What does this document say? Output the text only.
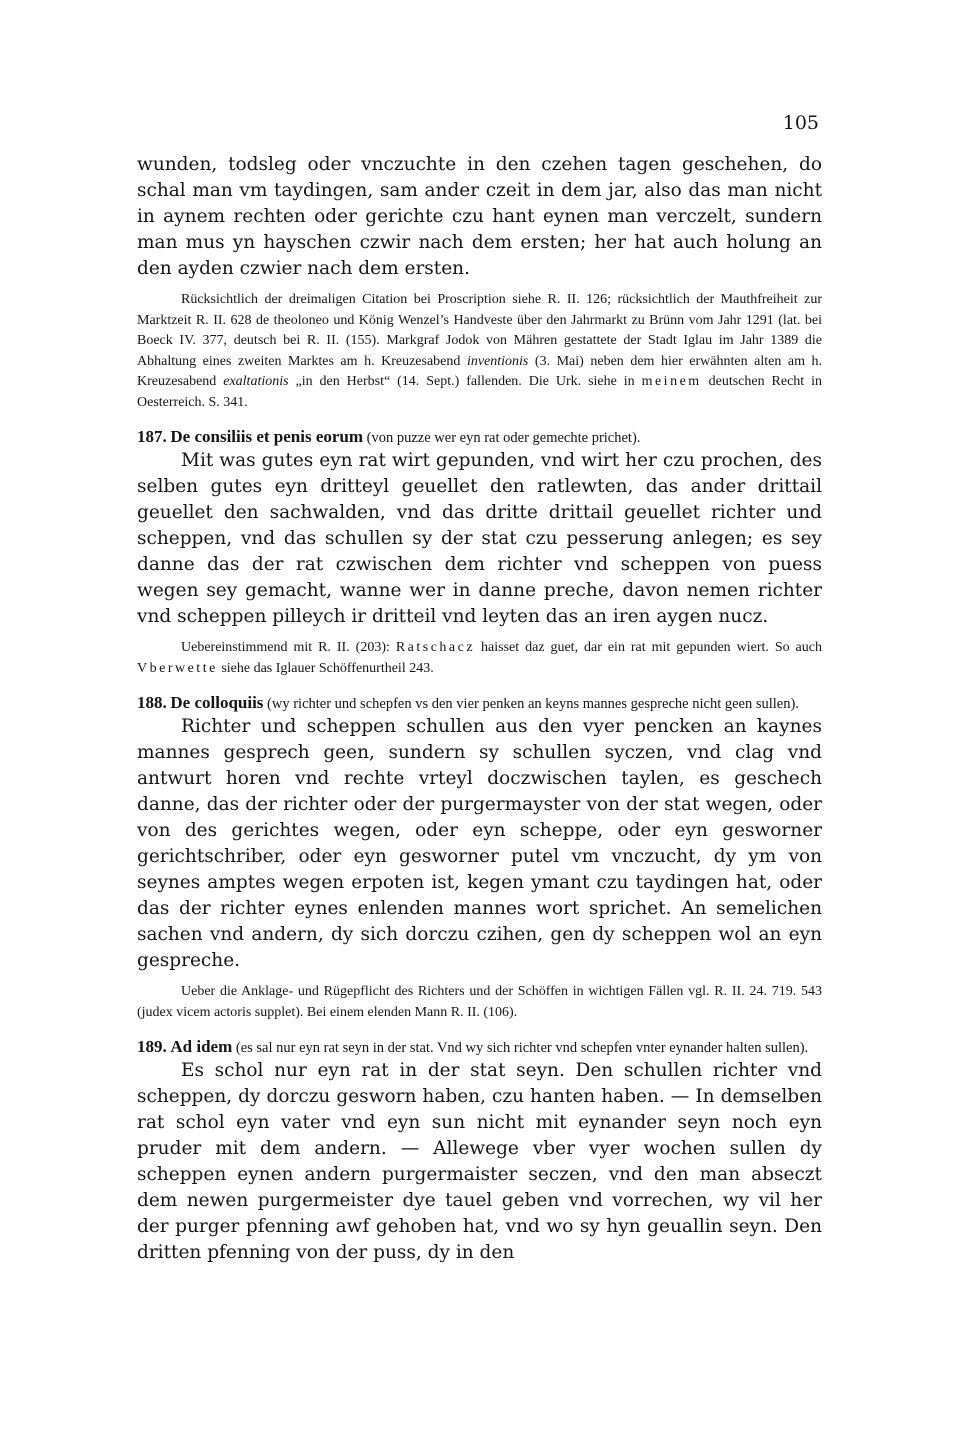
105

wunden, todsleg oder vnczuchte in den czehen tagen geschehen, do schal man vm taydingen, sam ander czeit in dem jar, also das man nicht in aynem rechten oder gerichte czu hant eynen man verczelt, sundern man mus yn hayschen czwir nach dem ersten; her hat auch holung an den ayden czwier nach dem ersten.

Rücksichtlich der dreimaligen Citation bei Proscription siehe R. II. 126; rücksichtlich der Mauthfreiheit zur Marktzeit R. II. 628 de theoloneo und König Wenzel’s Handveste über den Jahrmarkt zu Brünn vom Jahr 1291 (lat. bei Boeck IV. 377, deutsch bei R. II. (155). Markgraf Jodok von Mähren gestattete der Stadt Iglau im Jahr 1389 die Abhaltung eines zweiten Marktes am h. Kreuzesabend inventionis (3. Mai) neben dem hier erwähnten alten am h. Kreuzesabend exaltationis „in den Herbst“ (14. Sept.) fallenden. Die Urk. siehe in meinem deutschen Recht in Oesterreich. S. 341.

187. De consiliis et penis eorum (von puzze wer eyn rat oder gemechte prichet).

Mit was gutes eyn rat wirt gepunden, vnd wirt her czu prochen, des selben gutes eyn dritteyl geuellet den ratlewten, das ander drittail geuellet den sachwalden, vnd das dritte drittail geuellet richter und scheppen, vnd das schullen sy der stat czu pesserung anlegen; es sey danne das der rat czwischen dem richter vnd scheppen von puess wegen sey gemacht, wanne wer in danne preche, davon nemen richter vnd scheppen pilleych ir dritteil vnd leyten das an iren aygen nucz.

Uebereinstimmend mit R. II. (203): Ratschacz haisset daz guet, dar ein rat mit gepunden wiert. So auch Vberwette siehe das Iglauer Schöffenurtheil 243.

188. De colloquiis (wy richter und schepfen vs den vier penken an keyns mannes gespreche nicht geen sullen).

Richter und scheppen schullen aus den vyer pencken an kaynes mannes gesprech geen, sundern sy schullen syczen, vnd clag vnd antwurt horen vnd rechte vrteyl doczwischen taylen, es geschech danne, das der richter oder der purgermayster von der stat wegen, oder von des gerichtes wegen, oder eyn scheppe, oder eyn gesworner gerichtschriber, oder eyn gesworner putel vm vnczucht, dy ym von seynes amptes wegen erpoten ist, kegen ymant czu taydingen hat, oder das der richter eynes enlenden mannes wort sprichet. An semelichen sachen vnd andern, dy sich dorczu czihen, gen dy scheppen wol an eyn gespreche.

Ueber die Anklage- und Rügepflicht des Richters und der Schöffen in wichtigen Fällen vgl. R. II. 24. 719. 543 (judex vicem actoris supplet). Bei einem elenden Mann R. II. (106).

189. Ad idem (es sal nur eyn rat seyn in der stat. Vnd wy sich richter vnd schepfen vnter eynander halten sullen).

Es schol nur eyn rat in der stat seyn. Den schullen richter vnd scheppen, dy dorczu gesworn haben, czu hanten haben. — In demselben rat schol eyn vater vnd eyn sun nicht mit eynander seyn noch eyn pruder mit dem andern. — Allewege vber vyer wochen sullen dy scheppen eynen andern purgermaister seczen, vnd den man abseczt dem newen purgermeister dye tauel geben vnd vorrechen, wy vil her der purger pfenning awf gehoben hat, vnd wo sy hyn geuallin seyn. Den dritten pfenning von der puss, dy in den
